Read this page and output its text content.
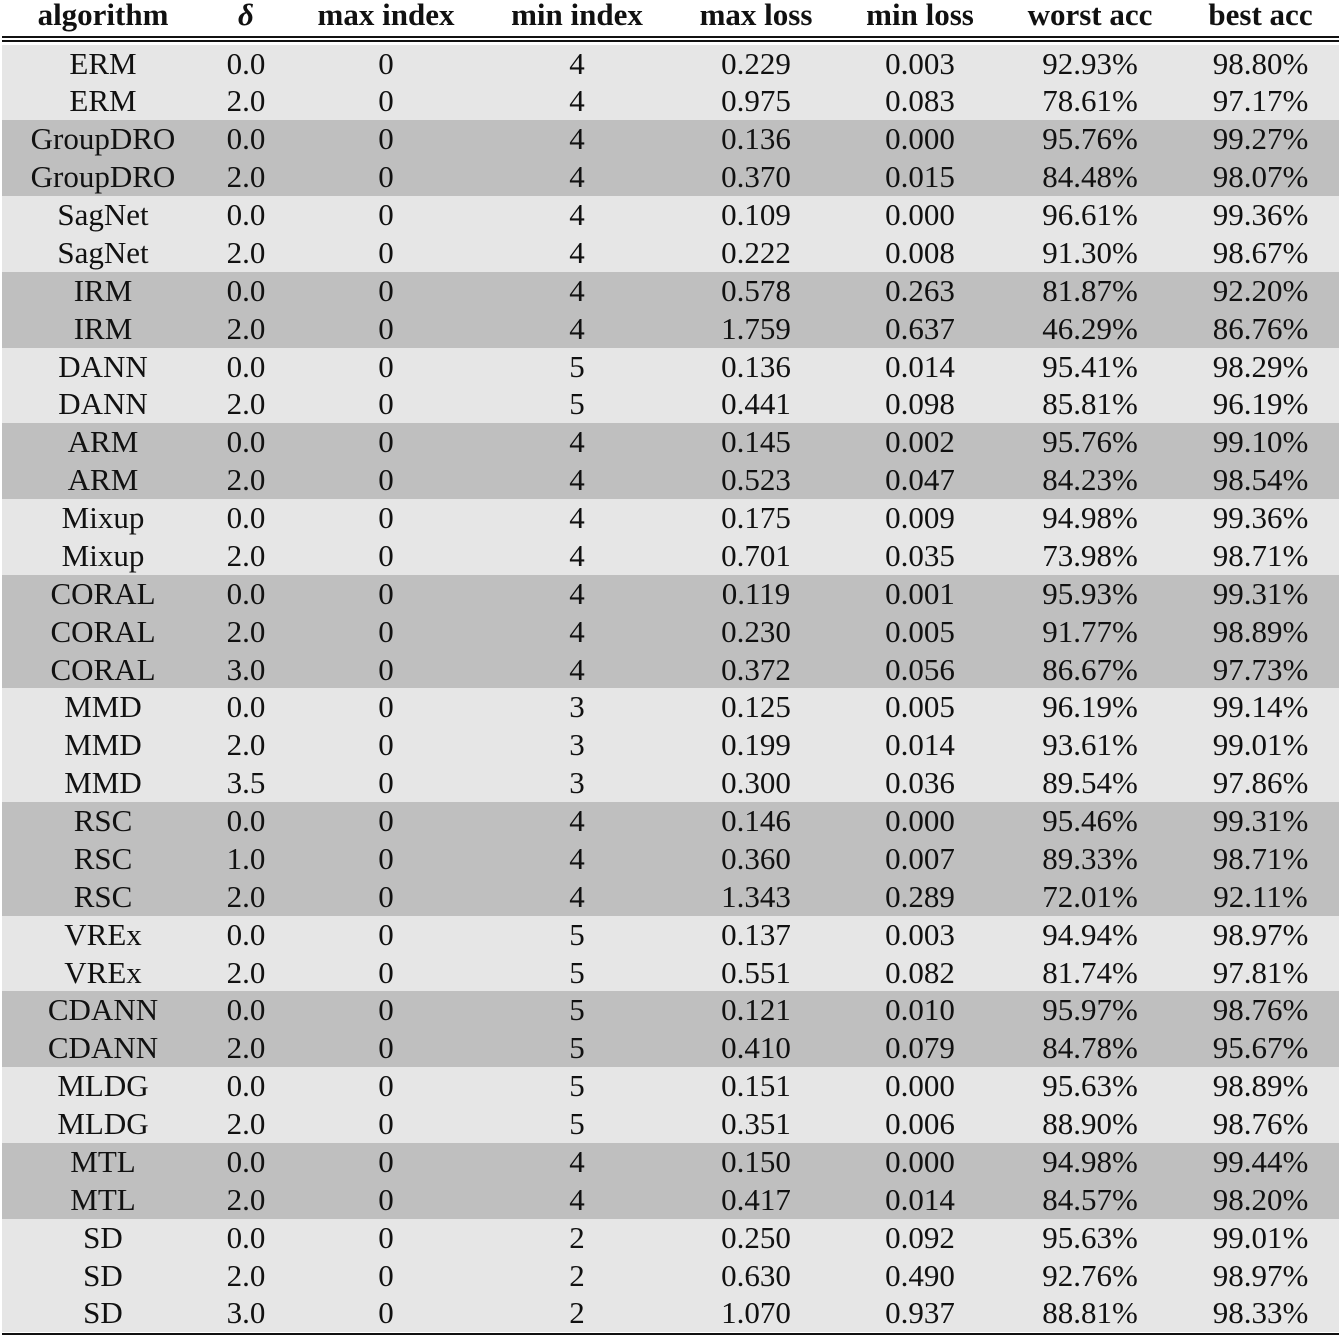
algorithm	δ	max index	min index	max loss	min loss	worst acc	best acc
ERM	0.0	0	4	0.229	0.003	92.93%	98.80%
ERM	2.0	0	4	0.975	0.083	78.61%	97.17%
GroupDRO	0.0	0	4	0.136	0.000	95.76%	99.27%
GroupDRO	2.0	0	4	0.370	0.015	84.48%	98.07%
SagNet	0.0	0	4	0.109	0.000	96.61%	99.36%
SagNet	2.0	0	4	0.222	0.008	91.30%	98.67%
IRM	0.0	0	4	0.578	0.263	81.87%	92.20%
IRM	2.0	0	4	1.759	0.637	46.29%	86.76%
DANN	0.0	0	5	0.136	0.014	95.41%	98.29%
DANN	2.0	0	5	0.441	0.098	85.81%	96.19%
ARM	0.0	0	4	0.145	0.002	95.76%	99.10%
ARM	2.0	0	4	0.523	0.047	84.23%	98.54%
Mixup	0.0	0	4	0.175	0.009	94.98%	99.36%
Mixup	2.0	0	4	0.701	0.035	73.98%	98.71%
CORAL	0.0	0	4	0.119	0.001	95.93%	99.31%
CORAL	2.0	0	4	0.230	0.005	91.77%	98.89%
CORAL	3.0	0	4	0.372	0.056	86.67%	97.73%
MMD	0.0	0	3	0.125	0.005	96.19%	99.14%
MMD	2.0	0	3	0.199	0.014	93.61%	99.01%
MMD	3.5	0	3	0.300	0.036	89.54%	97.86%
RSC	0.0	0	4	0.146	0.000	95.46%	99.31%
RSC	1.0	0	4	0.360	0.007	89.33%	98.71%
RSC	2.0	0	4	1.343	0.289	72.01%	92.11%
VREx	0.0	0	5	0.137	0.003	94.94%	98.97%
VREx	2.0	0	5	0.551	0.082	81.74%	97.81%
CDANN	0.0	0	5	0.121	0.010	95.97%	98.76%
CDANN	2.0	0	5	0.410	0.079	84.78%	95.67%
MLDG	0.0	0	5	0.151	0.000	95.63%	98.89%
MLDG	2.0	0	5	0.351	0.006	88.90%	98.76%
MTL	0.0	0	4	0.150	0.000	94.98%	99.44%
MTL	2.0	0	4	0.417	0.014	84.57%	98.20%
SD	0.0	0	2	0.250	0.092	95.63%	99.01%
SD	2.0	0	2	0.630	0.490	92.76%	98.97%
SD	3.0	0	2	1.070	0.937	88.81%	98.33%
